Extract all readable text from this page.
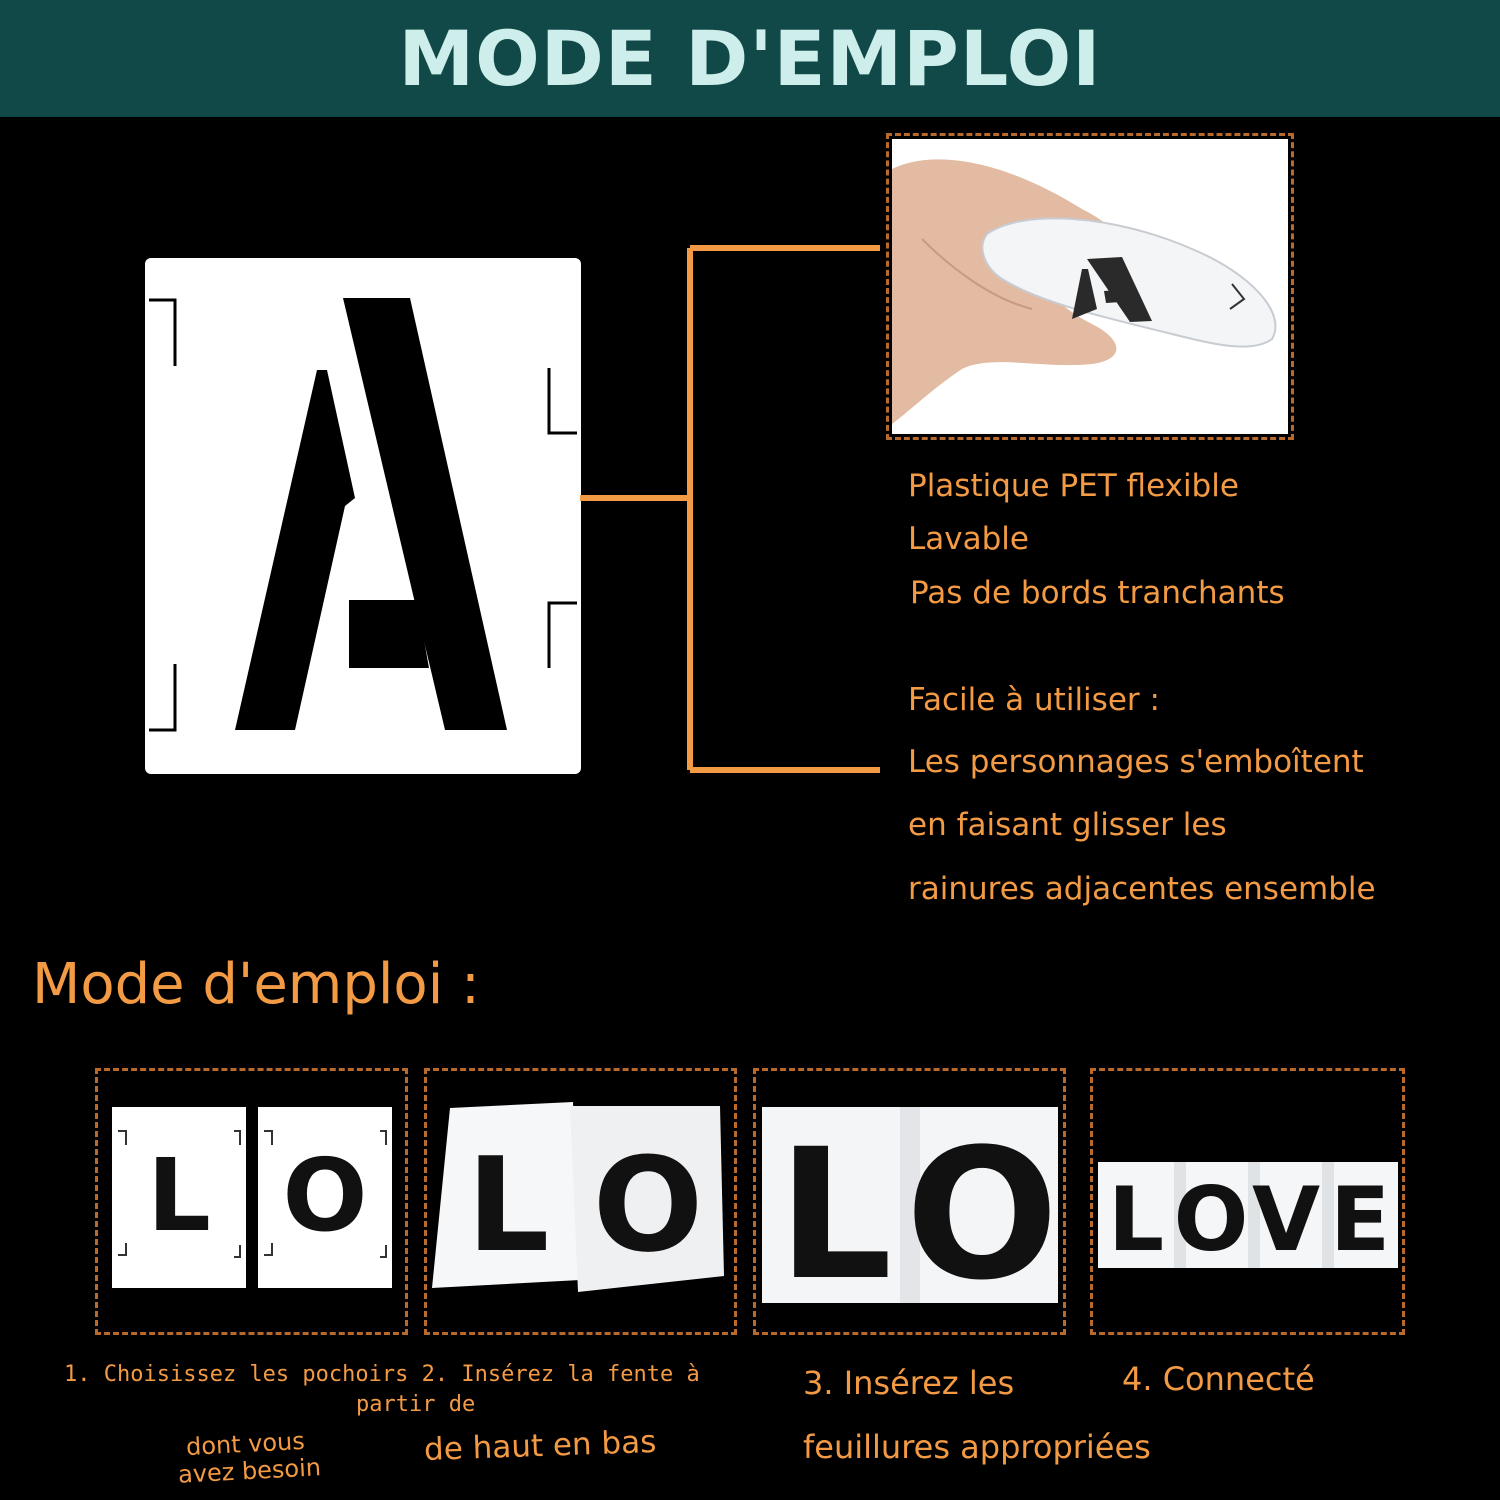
MODE D'EMPLOI
Plastique PET flexible
Lavable
Pas de bords tranchants
Facile à utiliser :
Les personnages s'emboîtent
en faisant glisser les
rainures adjacentes ensemble
Mode d'emploi :
L O L O L O L O V E
1. Choisissez les pochoirs 2. Insérez la fente à
partir de
dont vous
avez besoin
de haut en bas
3. Insérez les
feuillures appropriées
4. Connecté
